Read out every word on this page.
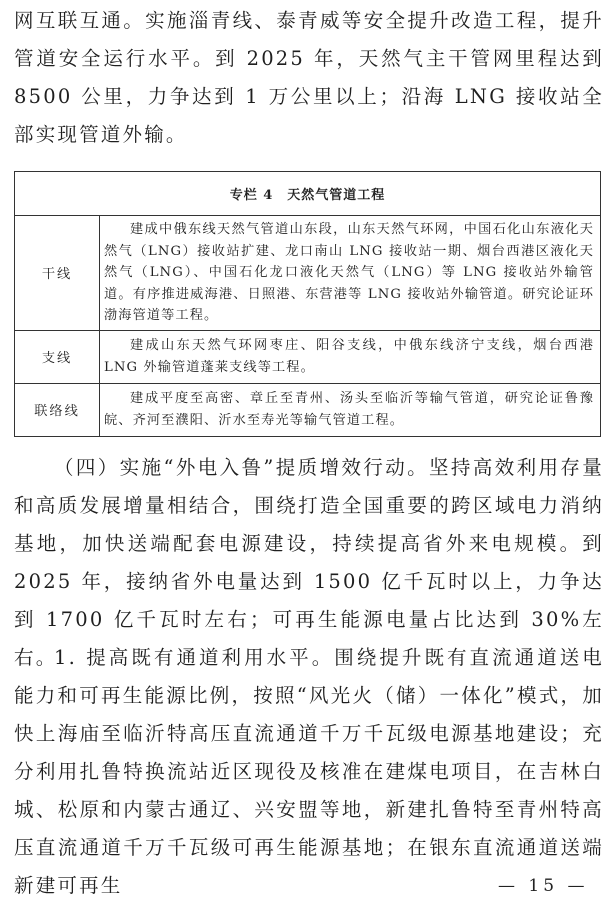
网互联互通。实施淄青线、泰青威等安全提升改造工程，提升管道安全运行水平。到 2025 年，天然气主干管网里程达到 8500 公里，力争达到 1 万公里以上；沿海 LNG 接收站全部实现管道外输。
专栏 4　天然气管道工程	
干线	建成中俄东线天然气管道山东段，山东天然气环网，中国石化山东液化天然气（LNG）接收站扩建、龙口南山 LNG 接收站一期、烟台西港区液化天然气（LNG）、中国石化龙口液化天然气（LNG）等 LNG 接收站外输管道。有序推进威海港、日照港、东营港等 LNG 接收站外输管道。研究论证环渤海管道等工程。
支线	建成山东天然气环网枣庄、阳谷支线，中俄东线济宁支线，烟台西港 LNG 外输管道蓬莱支线等工程。
联络线	建成平度至高密、章丘至青州、汤头至临沂等输气管道，研究论证鲁豫皖、齐河至濮阳、沂水至寿光等输气管道工程。
（四）实施“外电入鲁”提质增效行动。坚持高效利用存量和高质发展增量相结合，围绕打造全国重要的跨区域电力消纳基地，加快送端配套电源建设，持续提高省外来电规模。到 2025 年，接纳省外电量达到 1500 亿千瓦时以上，力争达到 1700 亿千瓦时左右；可再生能源电量占比达到 30%左右。
1. 提高既有通道利用水平。围绕提升既有直流通道送电能力和可再生能源比例，按照“风光火（储）一体化”模式，加快上海庙至临沂特高压直流通道千万千瓦级电源基地建设；充分利用扎鲁特换流站近区现役及核准在建煤电项目，在吉林白城、松原和内蒙古通辽、兴安盟等地，新建扎鲁特至青州特高压直流通道千万千瓦级可再生能源基地；在银东直流通道送端新建可再生	— 15 —
